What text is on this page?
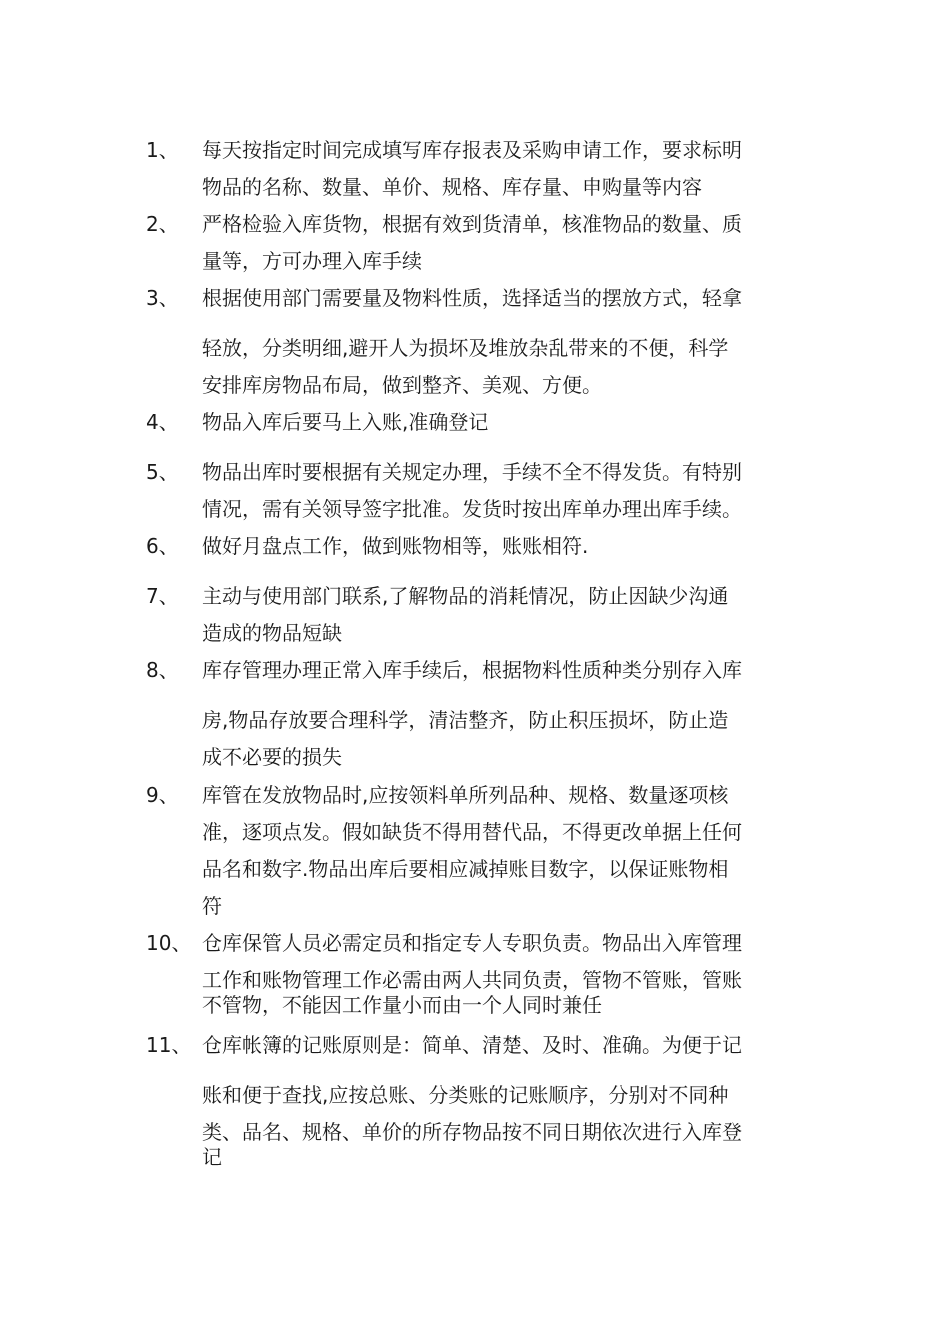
1、 每天按指定时间完成填写库存报表及采购申请工作，要求标明
物品的名称、数量、单价、规格、库存量、申购量等内容
2、 严格检验入库货物，根据有效到货清单，核准物品的数量、质
量等，方可办理入库手续
3、 根据使用部门需要量及物料性质，选择适当的摆放方式，轻拿
轻放，分类明细,避开人为损坏及堆放杂乱带来的不便，科学
安排库房物品布局，做到整齐、美观、方便。
4、 物品入库后要马上入账,准确登记
5、 物品出库时要根据有关规定办理，手续不全不得发货。有特别
情况，需有关领导签字批准。发货时按出库单办理出库手续。
6、 做好月盘点工作，做到账物相等，账账相符.
7、 主动与使用部门联系,了解物品的消耗情况，防止因缺少沟通
造成的物品短缺
8、 库存管理办理正常入库手续后，根据物料性质种类分别存入库
房,物品存放要合理科学，清洁整齐，防止积压损坏，防止造
成不必要的损失
9、 库管在发放物品时,应按领料单所列品种、规格、数量逐项核
准，逐项点发。假如缺货不得用替代品，不得更改单据上任何
品名和数字.物品出库后要相应减掉账目数字，以保证账物相
符
10、 仓库保管人员必需定员和指定专人专职负责。物品出入库管理
工作和账物管理工作必需由两人共同负责，管物不管账，管账
不管物，不能因工作量小而由一个人同时兼任
11、 仓库帐簿的记账原则是：简单、清楚、及时、准确。为便于记
账和便于查找,应按总账、分类账的记账顺序，分别对不同种
类、品名、规格、单价的所存物品按不同日期依次进行入库登
记
